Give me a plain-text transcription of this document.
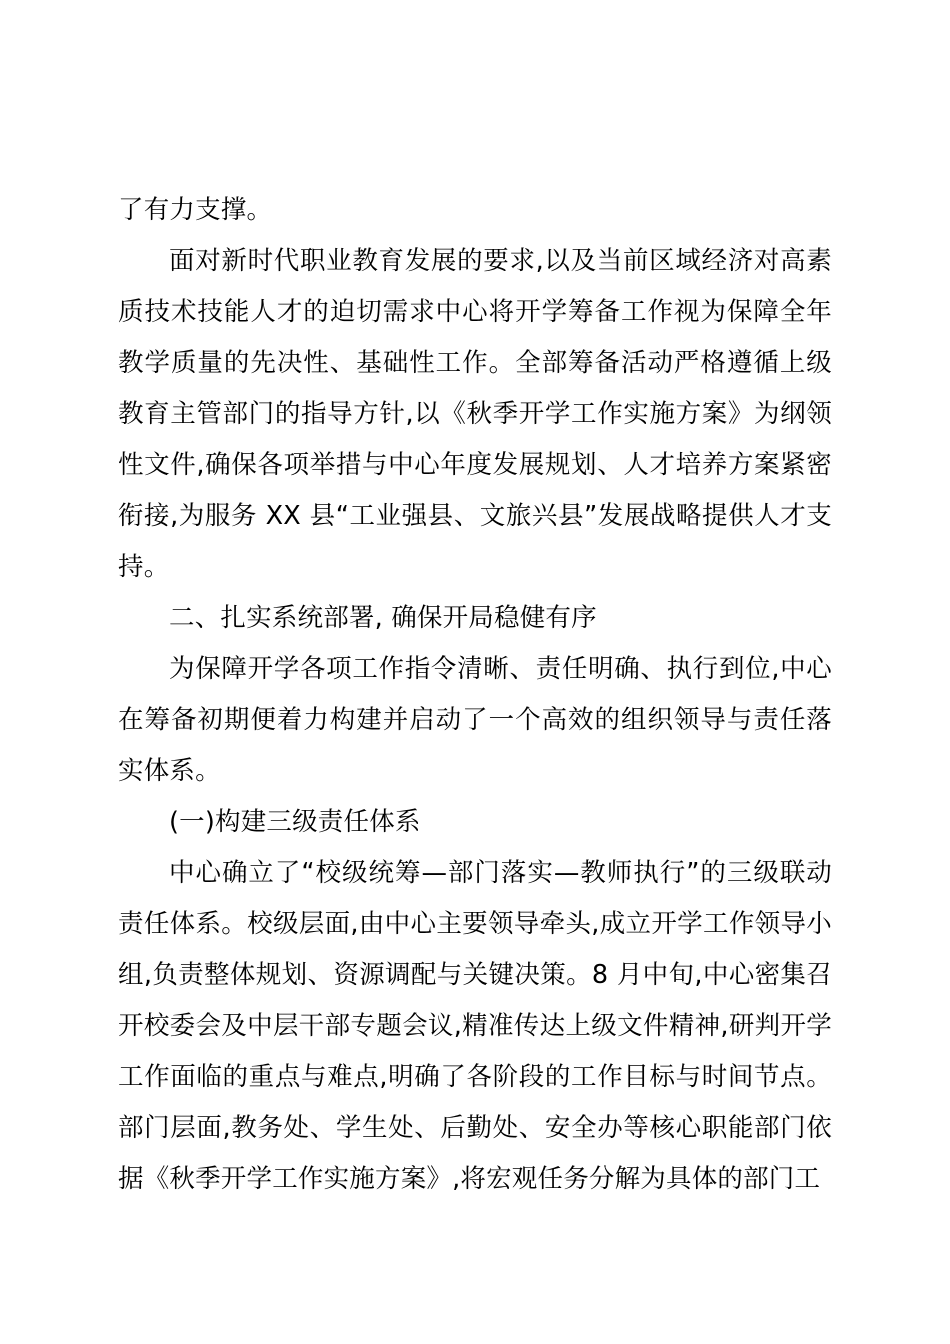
了有力支撑。

面对新时代职业教育发展的要求,以及当前区域经济对高素质技术技能人才的迫切需求中心将开学筹备工作视为保障全年教学质量的先决性、基础性工作。全部筹备活动严格遵循上级教育主管部门的指导方针,以《秋季开学工作实施方案》为纲领性文件,确保各项举措与中心年度发展规划、人才培养方案紧密衔接,为服务 XX 县“工业强县、文旅兴县”发展战略提供人才支持。

二、扎实系统部署, 确保开局稳健有序

为保障开学各项工作指令清晰、责任明确、执行到位,中心在筹备初期便着力构建并启动了一个高效的组织领导与责任落实体系。

(一)构建三级责任体系

中心确立了“校级统筹—部门落实—教师执行”的三级联动责任体系。校级层面,由中心主要领导牵头,成立开学工作领导小组,负责整体规划、资源调配与关键决策。8 月中旬,中心密集召开校委会及中层干部专题会议,精准传达上级文件精神,研判开学工作面临的重点与难点,明确了各阶段的工作目标与时间节点。部门层面,教务处、学生处、后勤处、安全办等核心职能部门依据《秋季开学工作实施方案》,将宏观任务分解为具体的部门工
